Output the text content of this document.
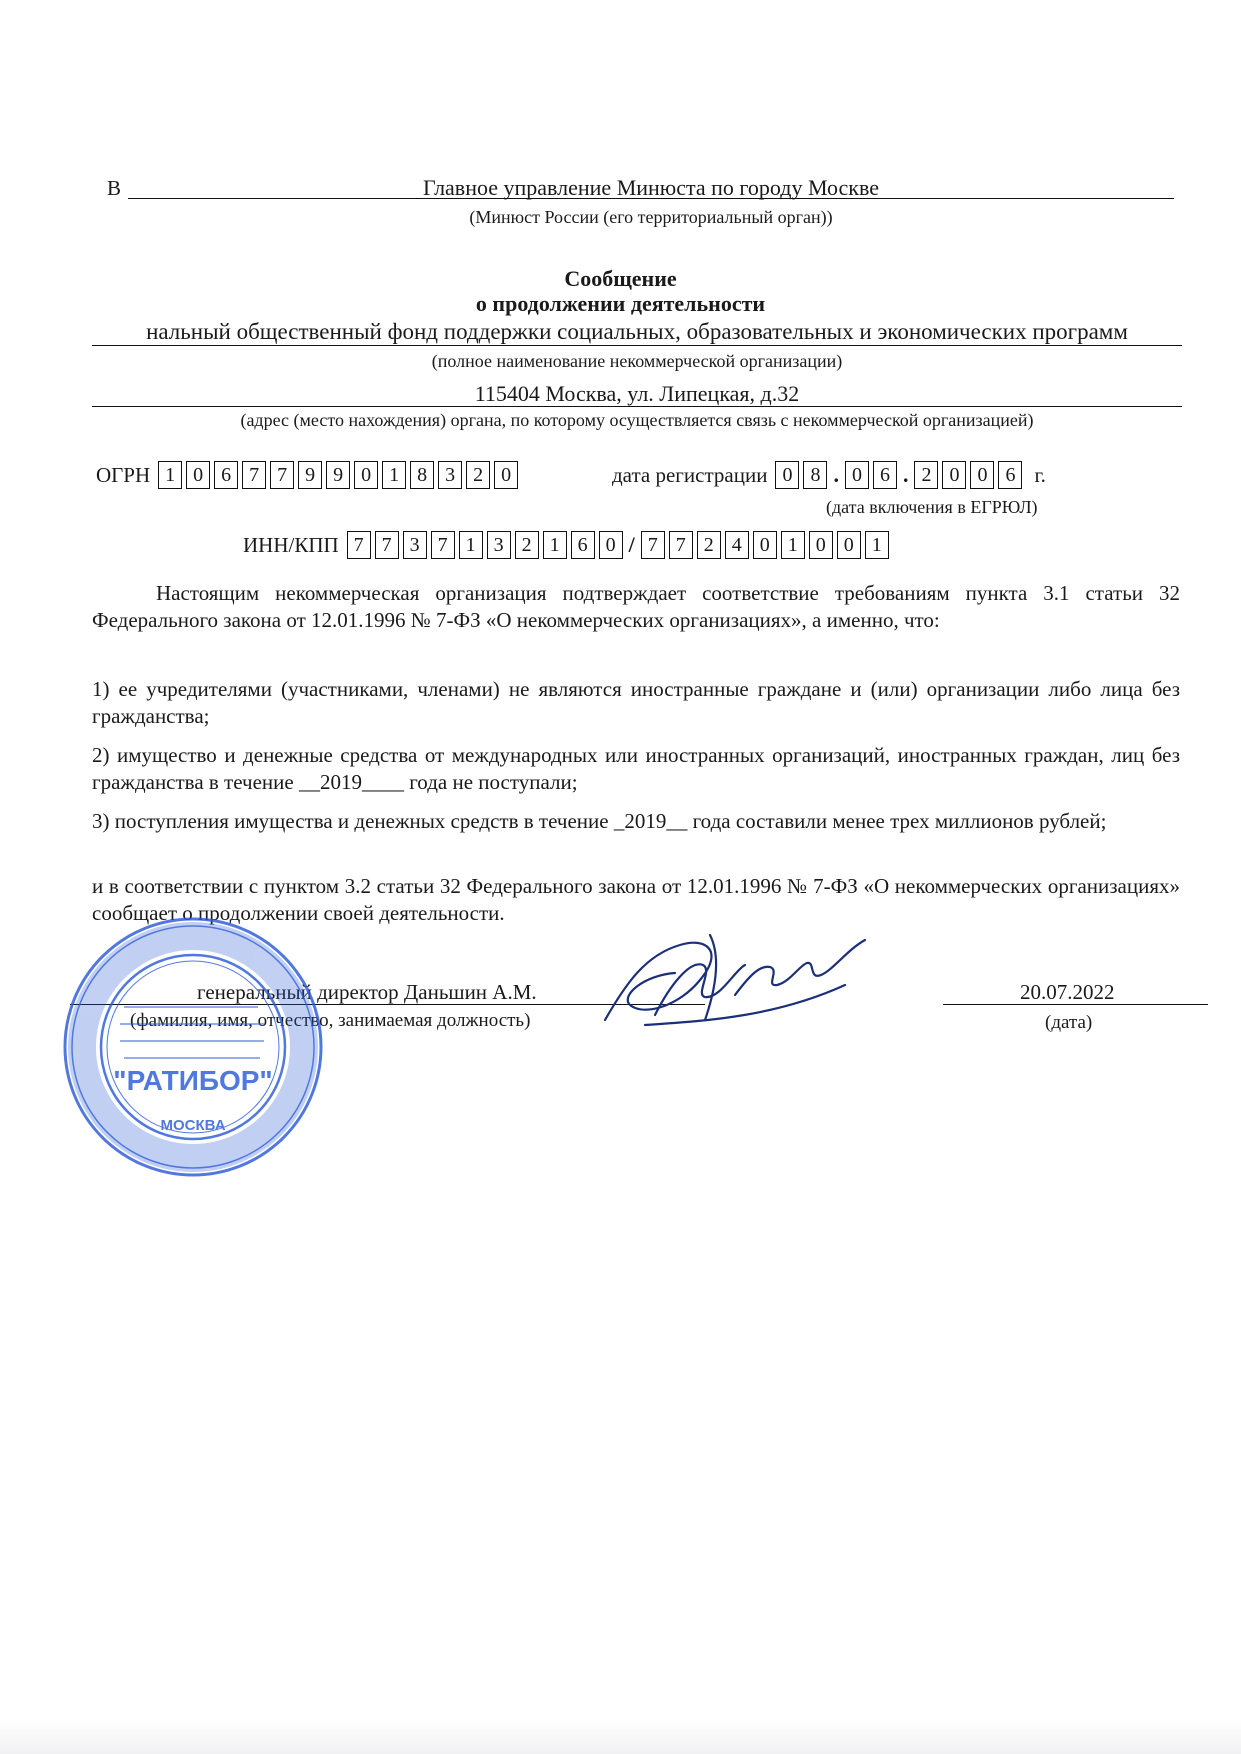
В	Главное управление Минюста по городу Москве
(Минюст России (его территориальный орган))
Сообщение
о продолжении деятельности
нальный общественный фонд поддержки социальных, образовательных и экономических программ
(полное наименование некоммерческой организации)
115404 Москва, ул. Липецкая, д.32
(адрес (место нахождения) органа, по которому осуществляется связь с некоммерческой организацией)
ОГРН 1 0 6 7 7 9 9 0 1 8 3 2 0	дата регистрации 0 8 . 0 6 . 2 0 0 6 г.
(дата включения в ЕГРЮЛ)
ИНН/КПП 7 7 3 7 1 3 2 1 6 0 / 7 7 2 4 0 1 0 0 1
Настоящим некоммерческая организация подтверждает соответствие требованиям пункта 3.1 статьи 32 Федерального закона от 12.01.1996 № 7-ФЗ «О некоммерческих организациях», а именно, что:
1) ее учредителями (участниками, членами) не являются иностранные граждане и (или) организации либо лица без гражданства;
2) имущество и денежные средства от международных или иностранных организаций, иностранных граждан, лиц без гражданства в течение __2019____ года не поступали;
3) поступления имущества и денежных средств в течение _2019__ года составили менее трех миллионов рублей;
и в соответствии с пунктом 3.2 статьи 32 Федерального закона от 12.01.1996 № 7-ФЗ «О некоммерческих организациях» сообщает о продолжении своей деятельности.
генеральный директор Даньшин А.М.
(фамилия, имя, отчество, занимаемая должность)
20.07.2022
(дата)
"РАТИБОР"
МОСКВА
